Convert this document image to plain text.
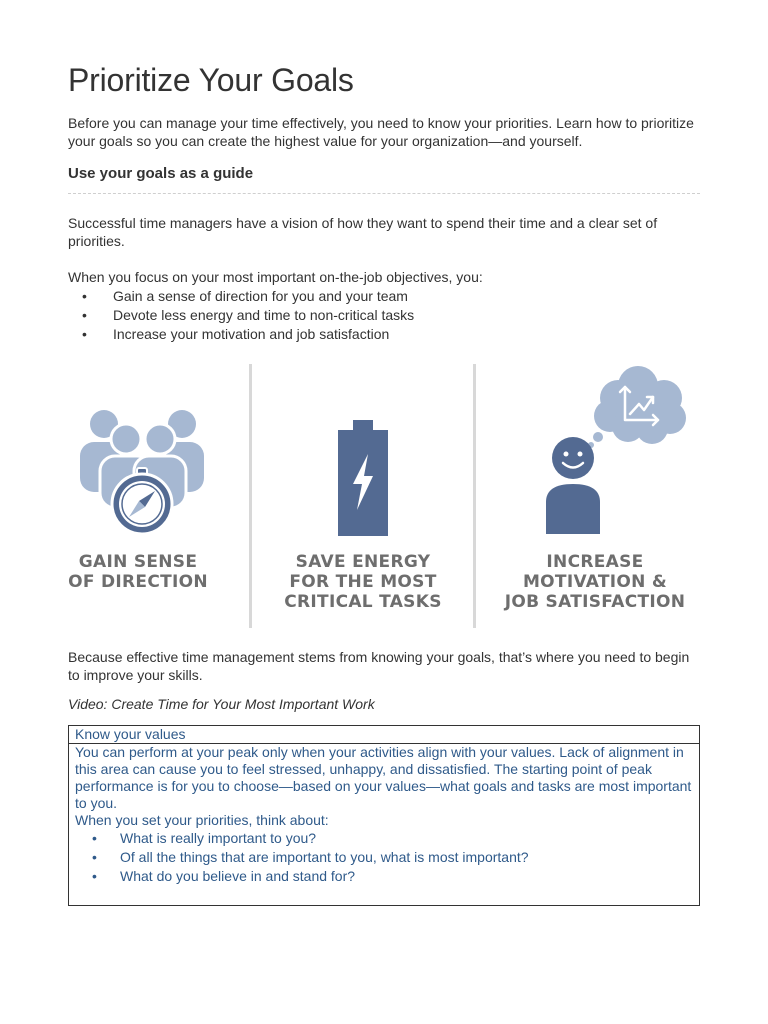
Prioritize Your Goals

Before you can manage your time effectively, you need to know your priorities. Learn how to prioritize your goals so you can create the highest value for your organization—and yourself.

Use your goals as a guide

Successful time managers have a vision of how they want to spend their time and a clear set of priorities.

When you focus on your most important on-the-job objectives, you:

• Gain a sense of direction for you and your team
• Devote less energy and time to non-critical tasks
• Increase your motivation and job satisfaction
GAIN SENSE
OF DIRECTION
SAVE ENERGY
FOR THE MOST
CRITICAL TASKS
INCREASE
MOTIVATION &
JOB SATISFACTION

Because effective time management stems from knowing your goals, that’s where you need to begin to improve your skills.

Video: Create Time for Your Most Important Work

Know your values

You can perform at your peak only when your activities align with your values. Lack of alignment in this area can cause you to feel stressed, unhappy, and dissatisfied. The starting point of peak performance is for you to choose—based on your values—what goals and tasks are most important to you.

When you set your priorities, think about:

• What is really important to you?
• Of all the things that are important to you, what is most important?
• What do you believe in and stand for?
